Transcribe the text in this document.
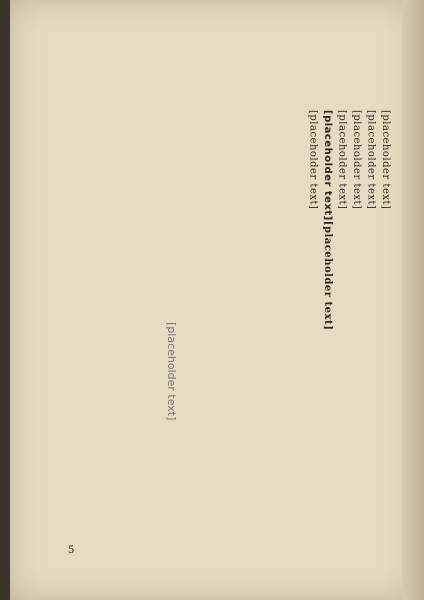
[placeholder text]

[placeholder text]

[placeholder text]

[placeholder text]

[placeholder text][placeholder text]

[placeholder text]

[placeholder text]
5
